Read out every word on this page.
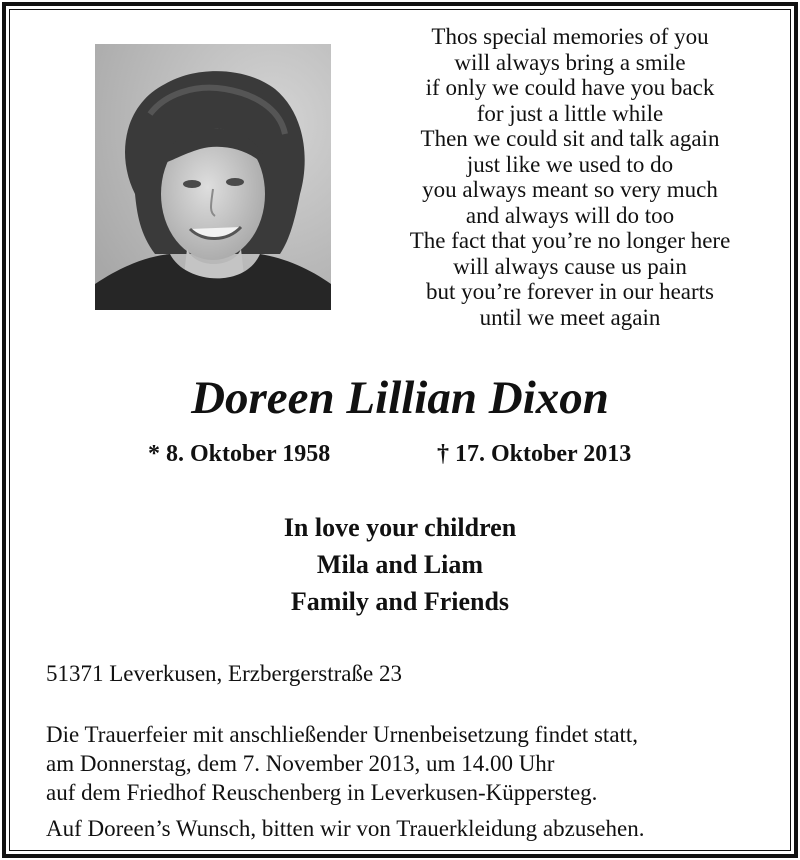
Thos special memories of you
will always bring a smile
if only we could have you back
for just a little while
Then we could sit and talk again
just like we used to do
you always meant so very much
and always will do too
The fact that you’re no longer here
will always cause us pain
but you’re forever in our hearts
until we meet again
Doreen Lillian Dixon
* 8. Oktober 1958	† 17. Oktober 2013
In love your children
Mila and Liam
Family and Friends
51371 Leverkusen, Erzbergerstraße 23
Die Trauerfeier mit anschließender Urnenbeisetzung findet statt,
am Donnerstag, dem 7. November 2013, um 14.00 Uhr
auf dem Friedhof Reuschenberg in Leverkusen-Küppersteg.
Auf Doreen’s Wunsch, bitten wir von Trauerkleidung abzusehen.
